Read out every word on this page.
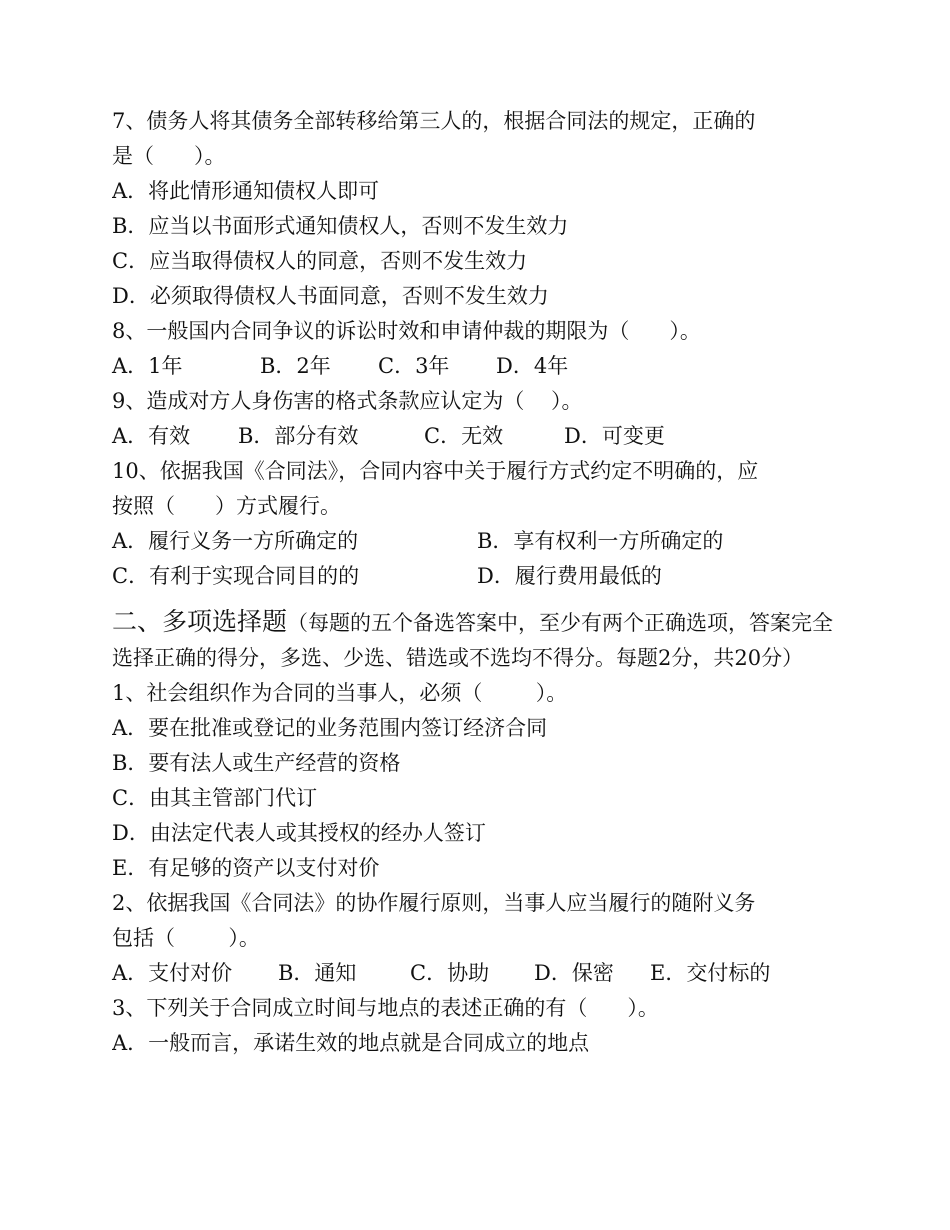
7、债务人将其债务全部转移给第三人的，根据合同法的规定，正确的
是（      ）。
A．将此情形通知债权人即可
B．应当以书面形式通知债权人，否则不发生效力
C．应当取得债权人的同意，否则不发生效力
D．必须取得债权人书面同意，否则不发生效力
8、一般国内合同争议的诉讼时效和申请仲裁的期限为（      ）。
A．1年	B．2年	C．3年	D．4年
9、造成对方人身伤害的格式条款应认定为（    ）。
A．有效	B．部分有效	C．无效	D．可变更
10、依据我国《合同法》，合同内容中关于履行方式约定不明确的，应
按照（      ）方式履行。
A．履行义务一方所确定的	B．享有权利一方所确定的
C．有利于实现合同目的的	D．履行费用最低的
二、多项选择题（每题的五个备选答案中，至少有两个正确选项，答案完全选择正确的得分，多选、少选、错选或不选均不得分。每题2分，共20分）
1、社会组织作为合同的当事人，必须（        ）。
A．要在批准或登记的业务范围内签订经济合同
B．要有法人或生产经营的资格
C．由其主管部门代订
D．由法定代表人或其授权的经办人签订
E．有足够的资产以支付对价
2、依据我国《合同法》的协作履行原则，当事人应当履行的随附义务
包括（        ）。
A．支付对价	B．通知	C．协助	D．保密	E．交付标的
3、下列关于合同成立时间与地点的表述正确的有（      ）。
A．一般而言，承诺生效的地点就是合同成立的地点
